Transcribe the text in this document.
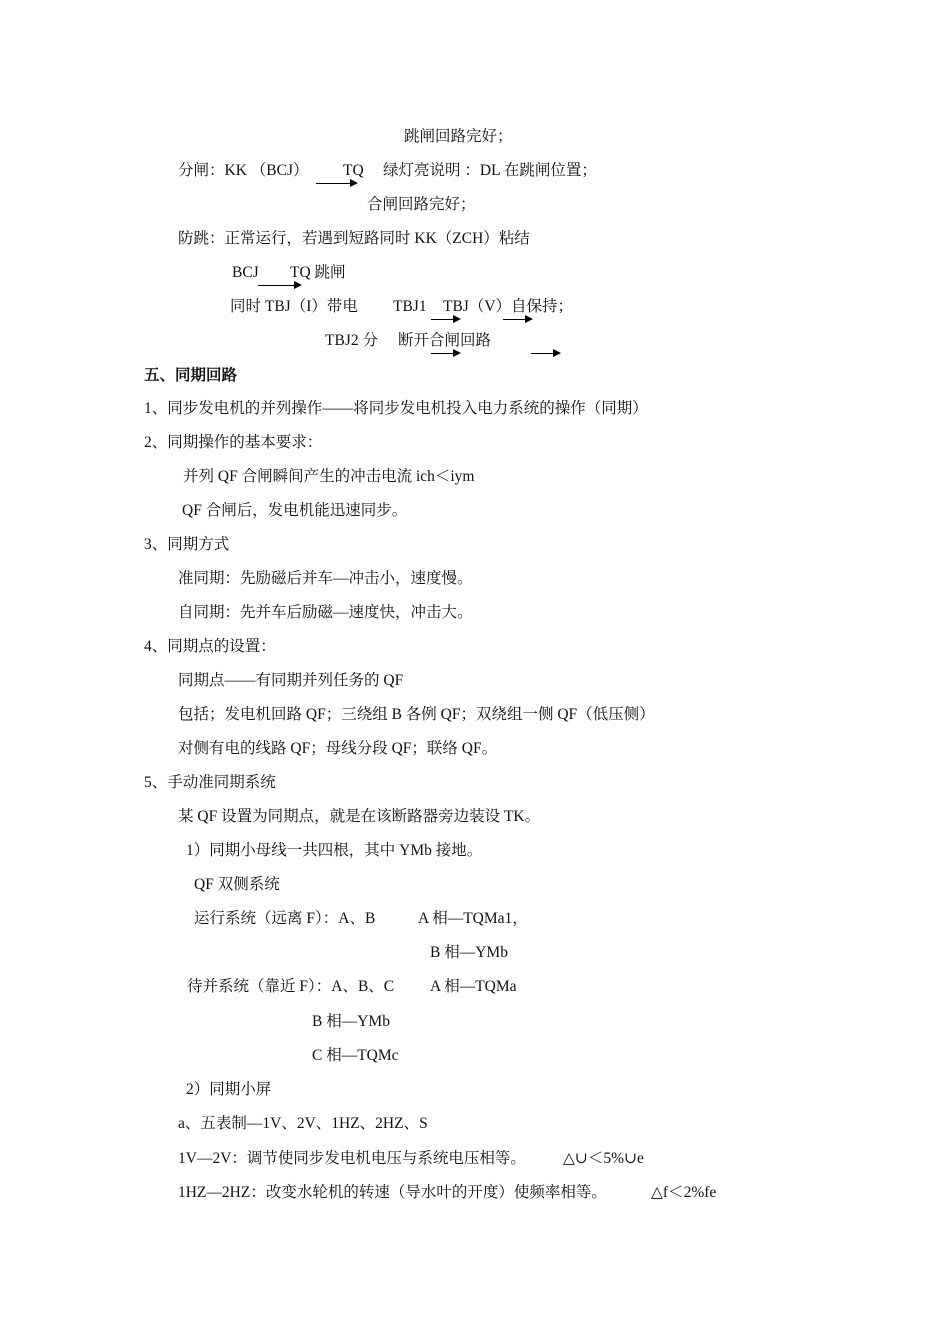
跳闸回路完好；

分闸：KK （BCJ） TQ 绿灯亮说明 ：DL 在跳闸位置；

合闸回路完好；

防跳：正常运行，若遇到短路同时 KK（ZCH）粘结

BCJ TQ 跳闸

同时 TBJ（I）带电 TBJ1 TBJ（V）自保持；

TBJ2 分 断开合闸回路

五、同期回路

1、同步发电机的并列操作——将同步发电机投入电力系统的操作（同期）

2、同期操作的基本要求：

并列 QF 合闸瞬间产生的冲击电流 ich＜iym

QF 合闸后，发电机能迅速同步。

3、同期方式

准同期：先励磁后并车—冲击小，速度慢。

自同期：先并车后励磁—速度快，冲击大。

4、同期点的设置：

同期点——有同期并列任务的 QF

包括；发电机回路 QF；三绕组 B 各例 QF；双绕组一侧 QF（低压侧）

对侧有电的线路 QF；母线分段 QF；联络 QF。

5、手动准同期系统

某 QF 设置为同期点，就是在该断路器旁边装设 TK。

1）同期小母线一共四根，其中 YMb 接地。

QF 双侧系统

运行系统（远离 F）：A、B	A 相—TQMa1，

B 相—YMb

待并系统（靠近 F）：A、B、C A 相—TQMa

B 相—YMb

C 相—TQMc

2）同期小屏

a、五表制—1V、2V、1HZ、2HZ、S

1V—2V：调节使同步发电机电压与系统电压相等。 △∪＜5%∪e

1HZ—2HZ：改变水轮机的转速（导水叶的开度）使频率相等。	△f＜2%fe
